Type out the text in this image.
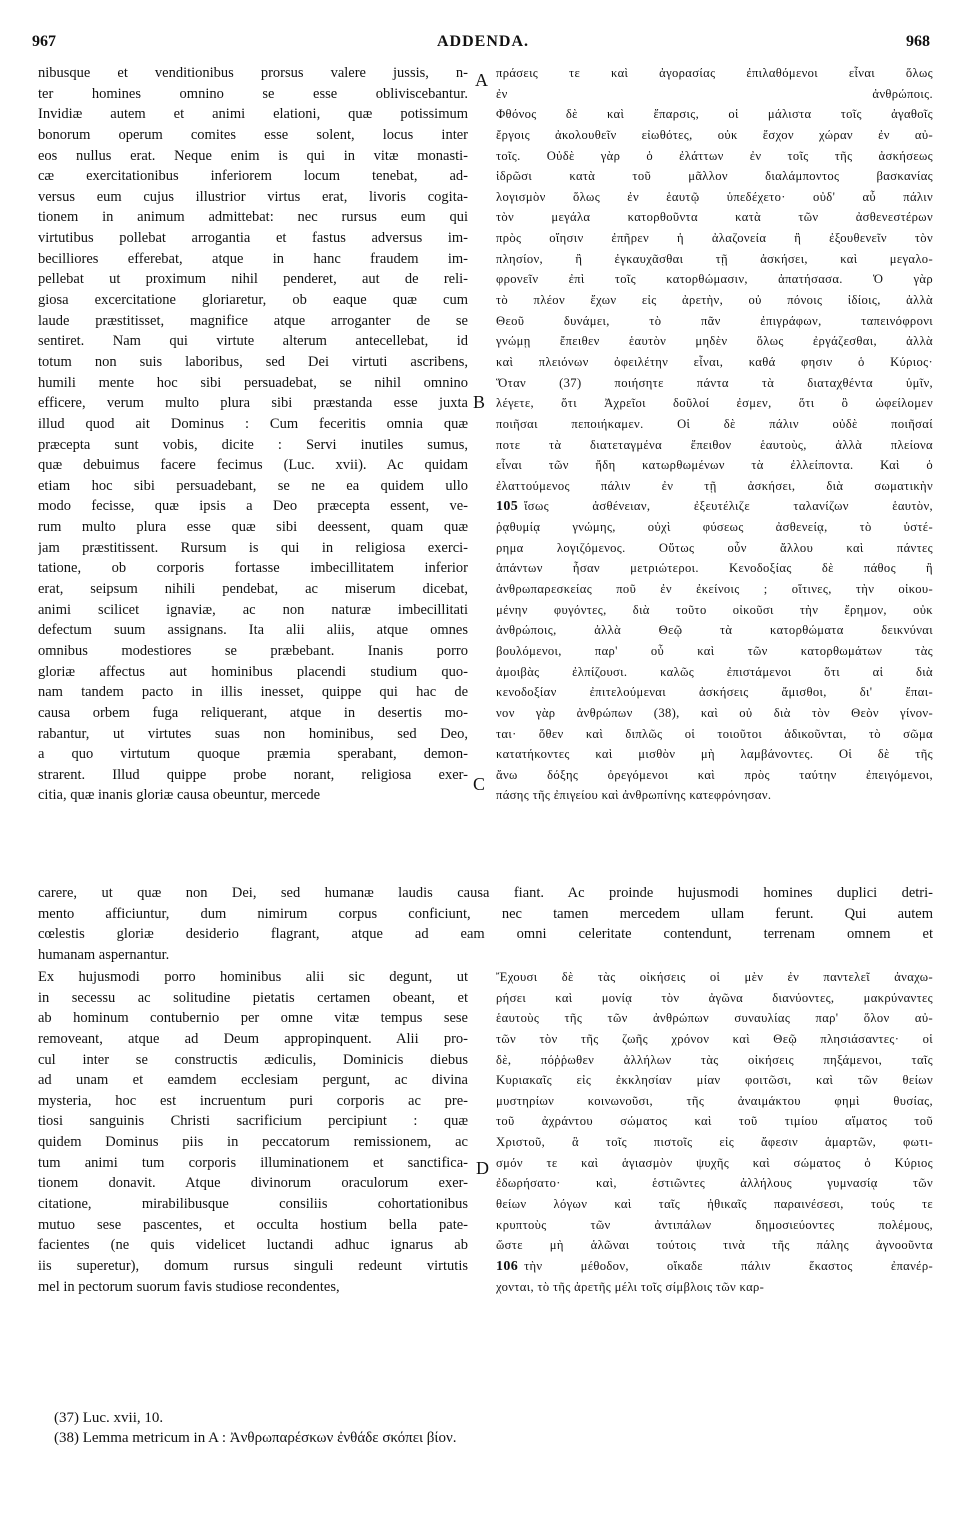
967	ADDENDA.	968
nibusque et venditionibus prorsus valere jussis, n-
ter homines omnino se esse obliviscebantur.
Invidiæ autem et animi elationi, quæ potissimum
bonorum operum comites esse solent, locus inter
eos nullus erat. Neque enim is qui in vitæ monasti-
cæ exercitationibus inferiorem locum tenebat, ad-
versus eum cujus illustrior virtus erat, livoris cogita-
tionem in animum admittebat: nec rursus eum qui
virtutibus pollebat arrogantia et fastus adversus im-
becilliores efferebat, atque in hanc fraudem im-
pellebat ut proximum nihil penderet, aut de reli-
giosa excercitatione gloriaretur, ob eaque quæ cum
laude præstitisset, magnifice atque arroganter de se
sentiret. Nam qui virtute alterum antecellebat, id
totum non suis laboribus, sed Dei virtuti ascribens,
humili mente hoc sibi persuadebat, se nihil omnino
efficere, verum multo plura sibi præstanda esse juxta
illud quod ait Dominus : Cum feceritis omnia quæ
præcepta sunt vobis, dicite : Servi inutiles sumus,
quæ debuimus facere fecimus (Luc. xvii). Ac quidam
etiam hoc sibi persuadebant, se ne ea quidem ullo
modo fecisse, quæ ipsis a Deo præcepta essent, ve-
rum multo plura esse quæ sibi deessent, quam quæ
jam præstitissent. Rursum is qui in religiosa exerci-
tatione, ob corporis fortasse imbecillitatem inferior
erat, seipsum nihili pendebat, ac miserum dicebat,
animi scilicet ignaviæ, ac non naturæ imbecillitati
defectum suum assignans. Ita alii aliis, atque omnes
omnibus modestiores se præbebant. Inanis porro
gloriæ affectus aut hominibus placendi studium quo-
nam tandem pacto in illis inesset, quippe qui hac de
causa orbem fuga reliquerant, atque in desertis mo-
rabantur, ut virtutes suas non hominibus, sed Deo,
a quo virtutum quoque præmia sperabant, demon-
strarent. Illud quippe probe norant, religiosa exer-
citia, quæ inanis gloriæ causa obeuntur, mercede
πράσεις τε καὶ ἀγορασίας ἐπιλαθόμενοι εἶναι ὅλως
ἐν ἀνθρώποις.
Φθόνος δὲ καὶ ἔπαρσις, οἱ μάλιστα τοῖς ἀγαθοῖς
ἔργοις ἀκολουθεῖν εἰωθότες, οὐκ ἔσχον χώραν ἐν αὐ-
τοῖς. Οὐδὲ γὰρ ὁ ἐλάττων ἐν τοῖς τῆς ἀσκήσεως
ἱδρῶσι κατὰ τοῦ μᾶλλον διαλάμποντος βασκανίας
λογισμὸν ὅλως ἐν ἑαυτῷ ὑπεδέχετο· οὐδ' αὖ πάλιν
τὸν μεγάλα κατορθοῦντα κατὰ τῶν ἀσθενεστέρων
πρὸς οἴησιν ἐπῆρεν ἡ ἀλαζονεία ἢ ἐξουθενεῖν τὸν
πλησίον, ἢ ἐγκαυχᾶσθαι τῇ ἀσκήσει, καὶ μεγαλο-
φρονεῖν ἐπὶ τοῖς κατορθώμασιν, ἀπατήσασα. Ὁ γὰρ
τὸ πλέον ἔχων εἰς ἀρετὴν, οὐ πόνοις ἰδίοις, ἀλλὰ
Θεοῦ δυνάμει, τὸ πᾶν ἐπιγράφων, ταπεινόφρονι
γνώμῃ ἔπειθεν ἑαυτὸν μηδὲν ὅλως ἐργάζεσθαι, ἀλλὰ
καὶ πλειόνων ὀφειλέτην εἶναι, καθά φησιν ὁ Κύριος·
Ὅταν (37) ποιήσητε πάντα τὰ διαταχθέντα ὑμῖν,
λέγετε, ὅτι Ἀχρεῖοι δοῦλοί ἐσμεν, ὅτι ὃ ὠφείλομεν
ποιῆσαι πεποιήκαμεν. Οἱ δὲ πάλιν οὐδὲ ποιῆσαί
ποτε τὰ διατεταγμένα ἔπειθον ἑαυτοὺς, ἀλλὰ πλείονα
εἶναι τῶν ἤδη κατωρθωμένων τὰ ἐλλείποντα. Καὶ ὁ
ἐλαττούμενος πάλιν ἐν τῇ ἀσκήσει, διὰ σωματικὴν
105 ἴσως ἀσθένειαν, ἐξευτέλιζε ταλανίζων ἑαυτὸν,
ῥᾳθυμίᾳ γνώμης, οὐχὶ φύσεως ἀσθενείᾳ, τὸ ὑστέ-
ρημα λογιζόμενος. Οὕτως οὖν ἄλλου καὶ πάντες
ἁπάντων ἦσαν μετριώτεροι. Κενοδοξίας δὲ πάθος ἢ
ἀνθρωπαρεσκείας ποῦ ἐν ἐκείνοις ; οἵτινες, τὴν οἰκου-
μένην φυγόντες, διὰ τοῦτο οἰκοῦσι τὴν ἔρημον, οὐκ
ἀνθρώποις, ἀλλὰ Θεῷ τὰ κατορθώματα δεικνύναι
βουλόμενοι, παρ' οὗ καὶ τῶν κατορθωμάτων τὰς
ἀμοιβὰς ἐλπίζουσι. καλῶς ἐπιστάμενοι ὅτι αἱ διὰ
κενοδοξίαν ἐπιτελούμεναι ἀσκήσεις ἄμισθοι, δι' ἔπαι-
νον γὰρ ἀνθρώπων (38), καὶ οὐ διὰ τὸν Θεὸν γίνον-
ται· ὅθεν καὶ διπλῶς οἱ τοιοῦτοι ἀδικοῦνται, τὸ σῶμα
κατατήκοντες καὶ μισθὸν μὴ λαμβάνοντες. Οἱ δὲ τῆς
ἄνω δόξης ὀρεγόμενοι καὶ πρὸς ταύτην ἐπειγόμενοι,
πάσης τῆς ἐπιγείου καὶ ἀνθρωπίνης κατεφρόνησαν.
A
B
C
D
carere, ut quæ non Dei, sed humanæ laudis causa fiant. Ac proinde hujusmodi homines duplici detri-
mento afficiuntur, dum nimirum corpus conficiunt, nec tamen mercedem ullam ferunt. Qui autem
cœlestis gloriæ desiderio flagrant, atque ad eam omni celeritate contendunt, terrenam omnem et
humanam aspernantur.
Ex hujusmodi porro hominibus alii sic degunt, ut
in secessu ac solitudine pietatis certamen obeant, et
ab hominum contubernio per omne vitæ tempus sese
removeant, atque ad Deum appropinquent. Alii pro-
cul inter se constructis ædiculis, Dominicis diebus
ad unam et eamdem ecclesiam pergunt, ac divina
mysteria, hoc est incruentum puri corporis ac pre-
tiosi sanguinis Christi sacrificium percipiunt : quæ
quidem Dominus piis in peccatorum remissionem, ac
tum animi tum corporis illuminationem et sanctifica-
tionem donavit. Atque divinorum oraculorum exer-
citatione, mirabilibusque consiliis cohortationibus
mutuo sese pascentes, et occulta hostium bella pate-
facientes (ne quis videlicet luctandi adhuc ignarus ab
iis superetur), domum rursus singuli redeunt virtutis
mel in pectorum suorum favis studiose recondentes,
Ἔχουσι δὲ τὰς οἰκήσεις οἱ μὲν ἐν παντελεῖ ἀναχω-
ρήσει καὶ μονίᾳ τὸν ἀγῶνα διανύοντες, μακρύναντες
ἑαυτοὺς τῆς τῶν ἀνθρώπων συναυλίας παρ' ὅλον αὐ-
τῶν τὸν τῆς ζωῆς χρόνον καὶ Θεῷ πλησιάσαντες· οἱ
δὲ, πόῤῥωθεν ἀλλήλων τὰς οἰκήσεις πηξάμενοι, ταῖς
Κυριακαῖς εἰς ἐκκλησίαν μίαν φοιτῶσι, καὶ τῶν θείων
μυστηρίων κοινωνοῦσι, τῆς ἀναιμάκτου φημὶ θυσίας,
τοῦ ἀχράντου σώματος καὶ τοῦ τιμίου αἵματος τοῦ
Χριστοῦ, ἃ τοῖς πιστοῖς εἰς ἄφεσιν ἁμαρτῶν, φωτι-
σμόν τε καὶ ἁγιασμὸν ψυχῆς καὶ σώματος ὁ Κύριος
ἐδωρήσατο· καὶ, ἑστιῶντες ἀλλήλους γυμνασίᾳ τῶν
θείων λόγων καὶ ταῖς ἠθικαῖς παραινέσεσι, τούς τε
κρυπτοὺς τῶν ἀντιπάλων δημοσιεύοντες πολέμους,
ὥστε μὴ ἁλῶναι τούτοις τινὰ τῆς πάλης ἀγνοοῦντα
106 τὴν μέθοδον, οἴκαδε πάλιν ἕκαστος ἐπανέρ-
χονται, τὸ τῆς ἀρετῆς μέλι τοῖς σίμβλοις τῶν καρ-
(37) Luc. xvii, 10.
(38) Lemma metricum in A : Ἀνθρωπαρέσκων ἐνθάδε σκόπει βίον.
